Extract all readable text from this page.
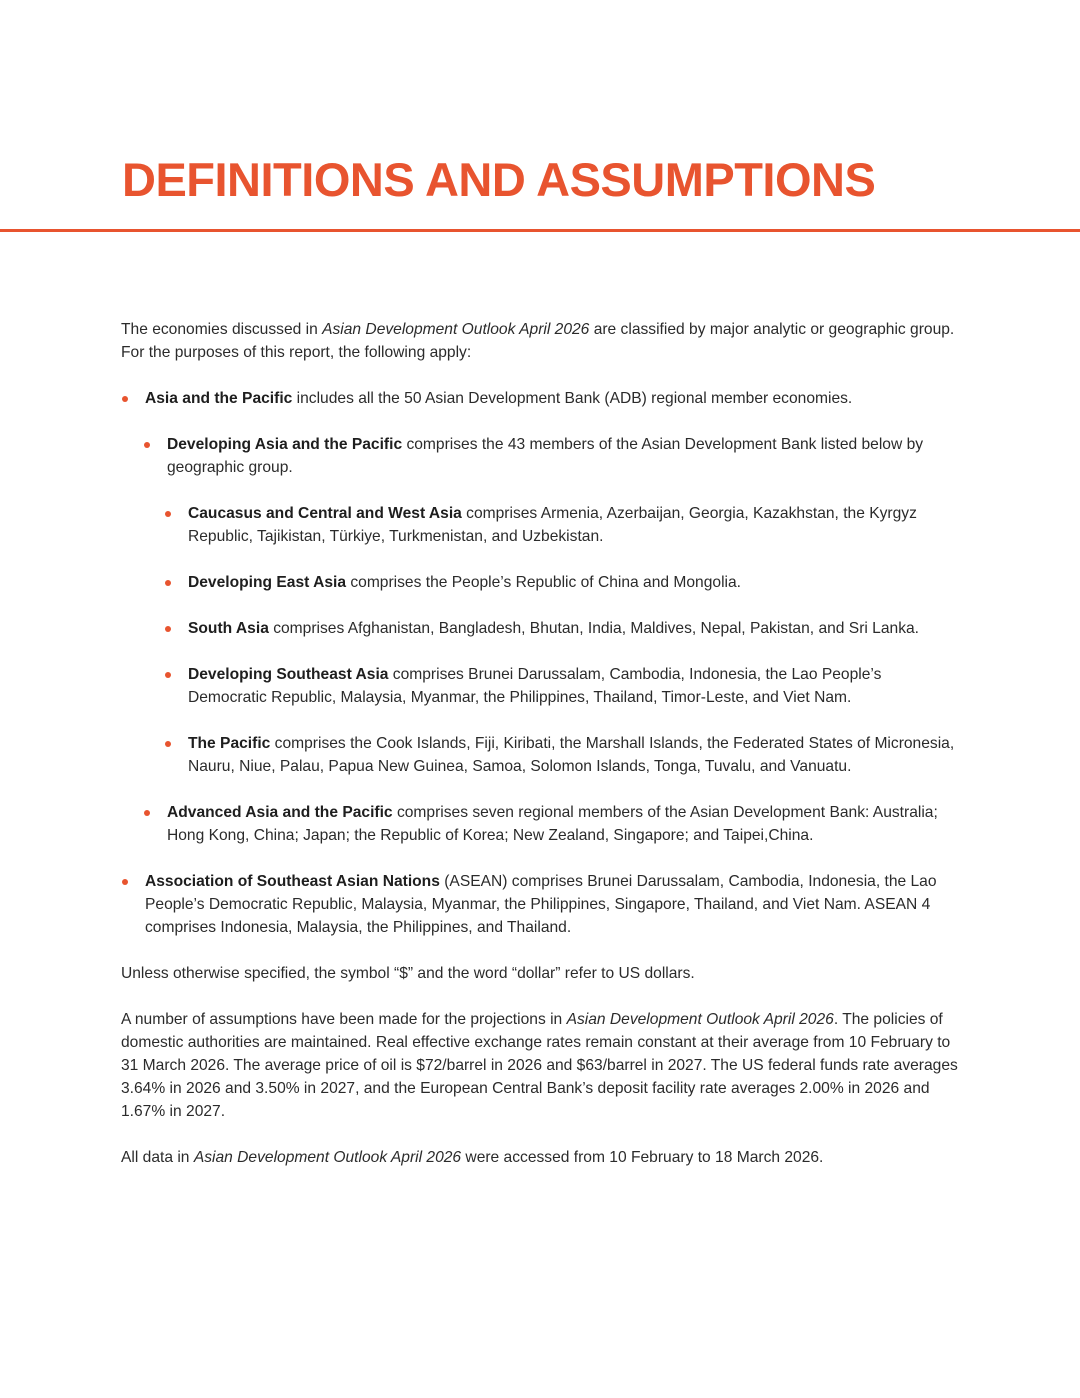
DEFINITIONS AND ASSUMPTIONS

The economies discussed in Asian Development Outlook April 2026 are classified by major analytic or geographic group. For the purposes of this report, the following apply:

Asia and the Pacific includes all the 50 Asian Development Bank (ADB) regional member economies.
Developing Asia and the Pacific comprises the 43 members of the Asian Development Bank listed below by geographic group.
Caucasus and Central and West Asia comprises Armenia, Azerbaijan, Georgia, Kazakhstan, the Kyrgyz Republic, Tajikistan, Türkiye, Turkmenistan, and Uzbekistan.
Developing East Asia comprises the People’s Republic of China and Mongolia.
South Asia comprises Afghanistan, Bangladesh, Bhutan, India, Maldives, Nepal, Pakistan, and Sri Lanka.
Developing Southeast Asia comprises Brunei Darussalam, Cambodia, Indonesia, the Lao People’s Democratic Republic, Malaysia, Myanmar, the Philippines, Thailand, Timor-Leste, and Viet Nam.
The Pacific comprises the Cook Islands, Fiji, Kiribati, the Marshall Islands, the Federated States of Micronesia, Nauru, Niue, Palau, Papua New Guinea, Samoa, Solomon Islands, Tonga, Tuvalu, and Vanuatu.
Advanced Asia and the Pacific comprises seven regional members of the Asian Development Bank: Australia; Hong Kong, China; Japan; the Republic of Korea; New Zealand, Singapore; and Taipei,China.
Association of Southeast Asian Nations (ASEAN) comprises Brunei Darussalam, Cambodia, Indonesia, the Lao People’s Democratic Republic, Malaysia, Myanmar, the Philippines, Singapore, Thailand, and Viet Nam. ASEAN 4 comprises Indonesia, Malaysia, the Philippines, and Thailand.

Unless otherwise specified, the symbol “$” and the word “dollar” refer to US dollars.

A number of assumptions have been made for the projections in Asian Development Outlook April 2026. The policies of domestic authorities are maintained. Real effective exchange rates remain constant at their average from 10 February to 31 March 2026. The average price of oil is $72/barrel in 2026 and $63/barrel in 2027. The US federal funds rate averages 3.64% in 2026 and 3.50% in 2027, and the European Central Bank’s deposit facility rate averages 2.00% in 2026 and 1.67% in 2027.

All data in Asian Development Outlook April 2026 were accessed from 10 February to 18 March 2026.
